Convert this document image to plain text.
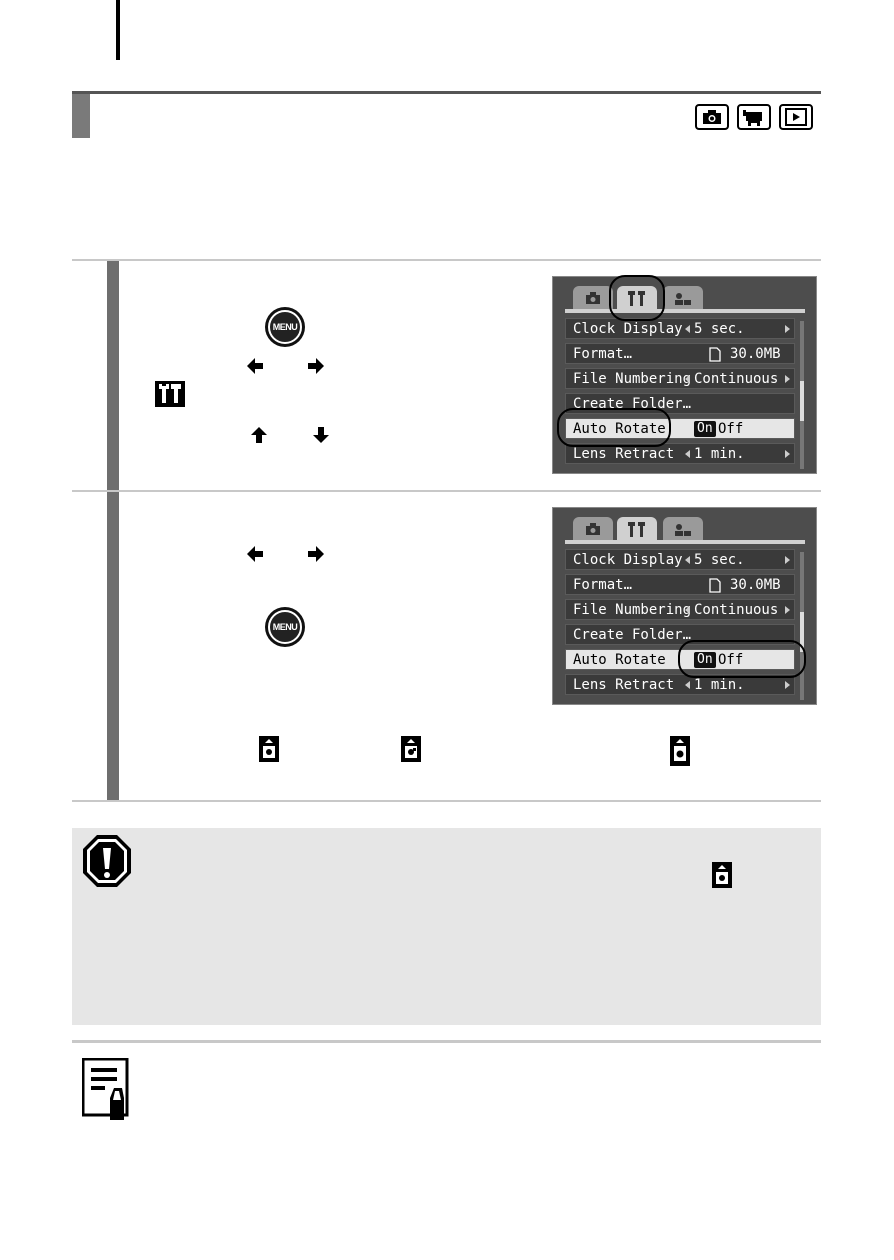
MENU	Clock Display 5 sec.
Format…	30.0MB
File Numbering Continuous
Create Folder…
Auto Rotate On Off
Lens Retract 1 min.
MENU
Clock Display 5 sec.
Format…	30.0MB
File Numbering Continuous
Create Folder…
Auto Rotate On Off
Lens Retract 1 min.
